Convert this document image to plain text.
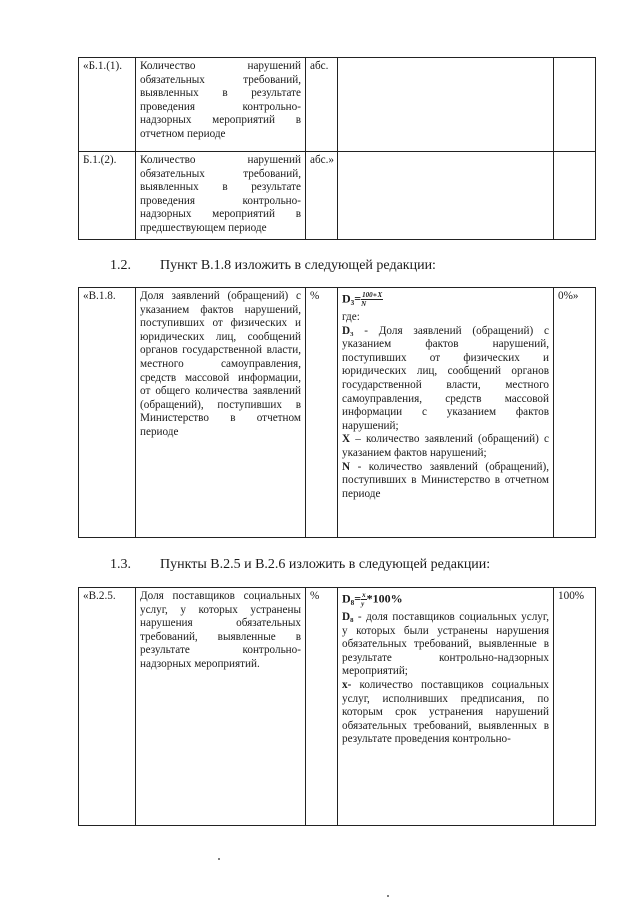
«Б.1.(1).	Количество нарушений обязательных требований, выявленных в результате проведения контрольно-надзорных мероприятий в отчетном периоде	абс.		
Б.1.(2).	Количество нарушений обязательных требований, выявленных в результате проведения контрольно-надзорных мероприятий в предшествующем периоде	абс.»		
1.2. Пункт В.1.8 изложить в следующей редакции:
«В.1.8.	Доля заявлений (обращений) с указанием фактов нарушений, поступивших от физических и юридических лиц, сообщений органов государственной власти, местного самоуправления, средств массовой информации, от общего количества заявлений (обращений), поступивших в Министерство в отчетном периоде	%	$D_3= \frac{100∗X}{N}$
где:
D₃ - Доля заявлений (обращений) с указанием фактов нарушений, поступивших от физических и юридических лиц, сообщений органов государственной власти, местного самоуправления, средств массовой информации с указанием фактов нарушений;
X – количество заявлений (обращений) с указанием фактов нарушений;
N - количество заявлений (обращений), поступивших в Министерство в отчетном периоде
	0%»
1.3. Пункты В.2.5 и В.2.6 изложить в следующей редакции:
«В.2.5.	Доля поставщиков социальных услуг, у которых устранены нарушения обязательных требований, выявленные в результате контрольно-надзорных мероприятий.	%	$D_8= \frac{x}{y} *100\%$
D₈ - доля поставщиков социальных услуг, у которых были устранены нарушения обязательных требований, выявленные в результате контрольно-надзорных мероприятий;
x- количество поставщиков социальных услуг, исполнивших предписания, по которым срок устранения нарушений обязательных требований, выявленных в результате проведения контрольно-
	100%
